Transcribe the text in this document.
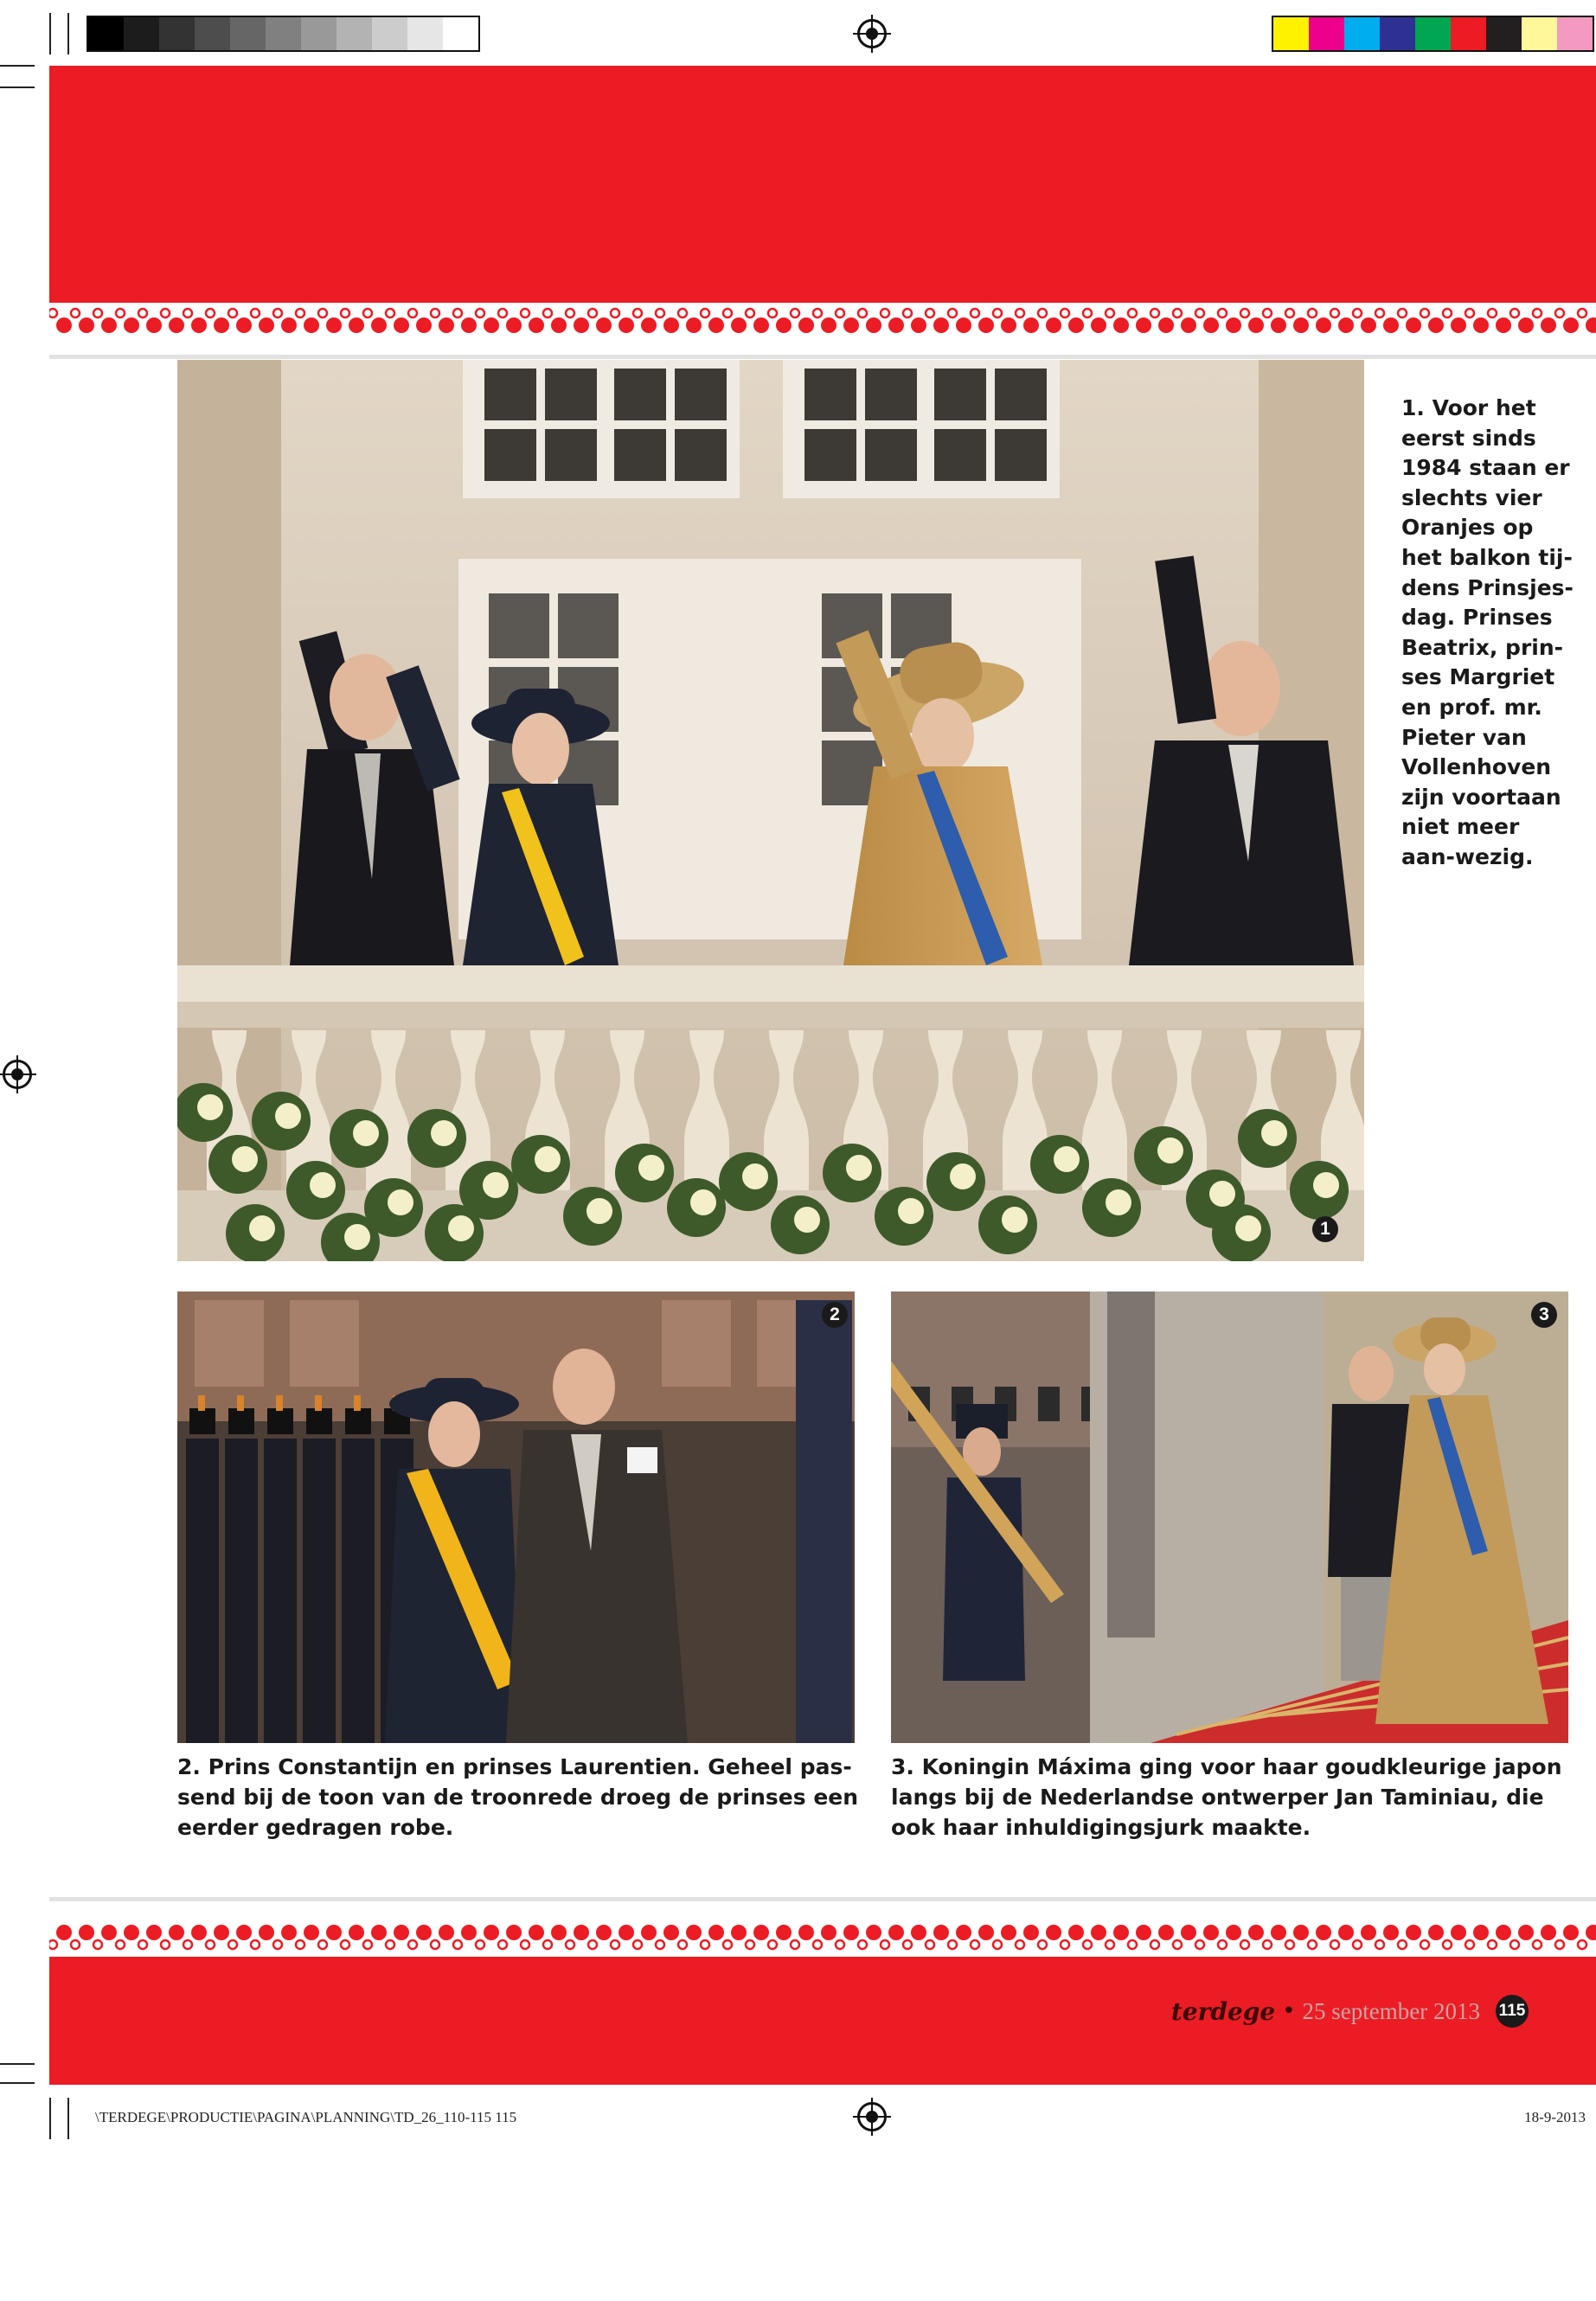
1
2	3

1. Voor het eerst sinds 1984 staan er slechts vier Oranjes op het balkon tij-dens Prinsjes-dag. Prinses Beatrix, prin-ses Margriet en prof. mr. Pieter van Vollenhoven zijn voortaan niet meer aan-wezig.

2. Prins Constantijn en prinses Laurentien. Geheel pas-send bij de toon van de troonrede droeg de prinses een eerder gedragen robe.

3. Koningin Máxima ging voor haar goudkleurige japon langs bij de Nederlandse ontwerper Jan Taminiau, die ook haar inhuldigingsjurk maakte.

terdege • 25 september 2013 115
\TERDEGE\PRODUCTIE\PAGINA\PLANNING\TD_26_110-115 115	18-9-2013
